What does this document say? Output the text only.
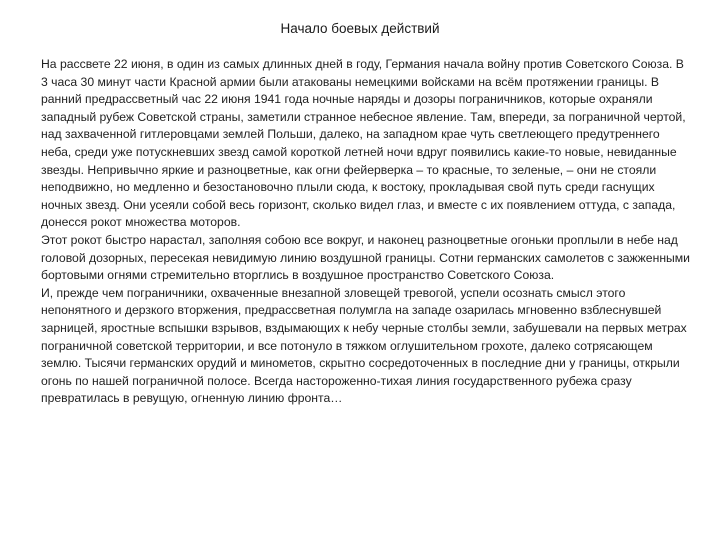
Начало боевых действий

На рассвете 22 июня, в один из самых длинных дней в году, Германия начала войну против Советского Союза. В 3 часа 30 минут части Красной армии были атакованы немецкими войсками на всём протяжении границы. В ранний предрассветный час 22 июня 1941 года ночные наряды и дозоры пограничников, которые охраняли западный рубеж Советской страны, заметили странное небесное явление. Там, впереди, за пограничной чертой, над захваченной гитлеровцами землей Польши, далеко, на западном крае чуть светлеющего предутреннего неба, среди уже потускневших звезд самой короткой летней ночи вдруг появились какие-то новые, невиданные звезды. Непривычно яркие и разноцветные, как огни фейерверка – то красные, то зеленые, – они не стояли неподвижно, но медленно и безостановочно плыли сюда, к востоку, прокладывая свой путь среди гаснущих ночных звезд. Они усеяли собой весь горизонт, сколько видел глаз, и вместе с их появлением оттуда, с запада, донесся рокот множества моторов.

Этот рокот быстро нарастал, заполняя собою все вокруг, и наконец разноцветные огоньки проплыли в небе над головой дозорных, пересекая невидимую линию воздушной границы. Сотни германских самолетов с зажженными бортовыми огнями стремительно вторглись в воздушное пространство Советского Союза.

И, прежде чем пограничники, охваченные внезапной зловещей тревогой, успели осознать смысл этого непонятного и дерзкого вторжения, предрассветная полумгла на западе озарилась мгновенно взблеснувшей зарницей, яростные вспышки взрывов, вздымающих к небу черные столбы земли, забушевали на первых метрах пограничной советской территории, и все потонуло в тяжком оглушительном грохоте, далеко сотрясающем землю. Тысячи германских орудий и минометов, скрытно сосредоточенных в последние дни у границы, открыли огонь по нашей пограничной полосе. Всегда настороженно-тихая линия государственного рубежа сразу превратилась в ревущую, огненную линию фронта…
